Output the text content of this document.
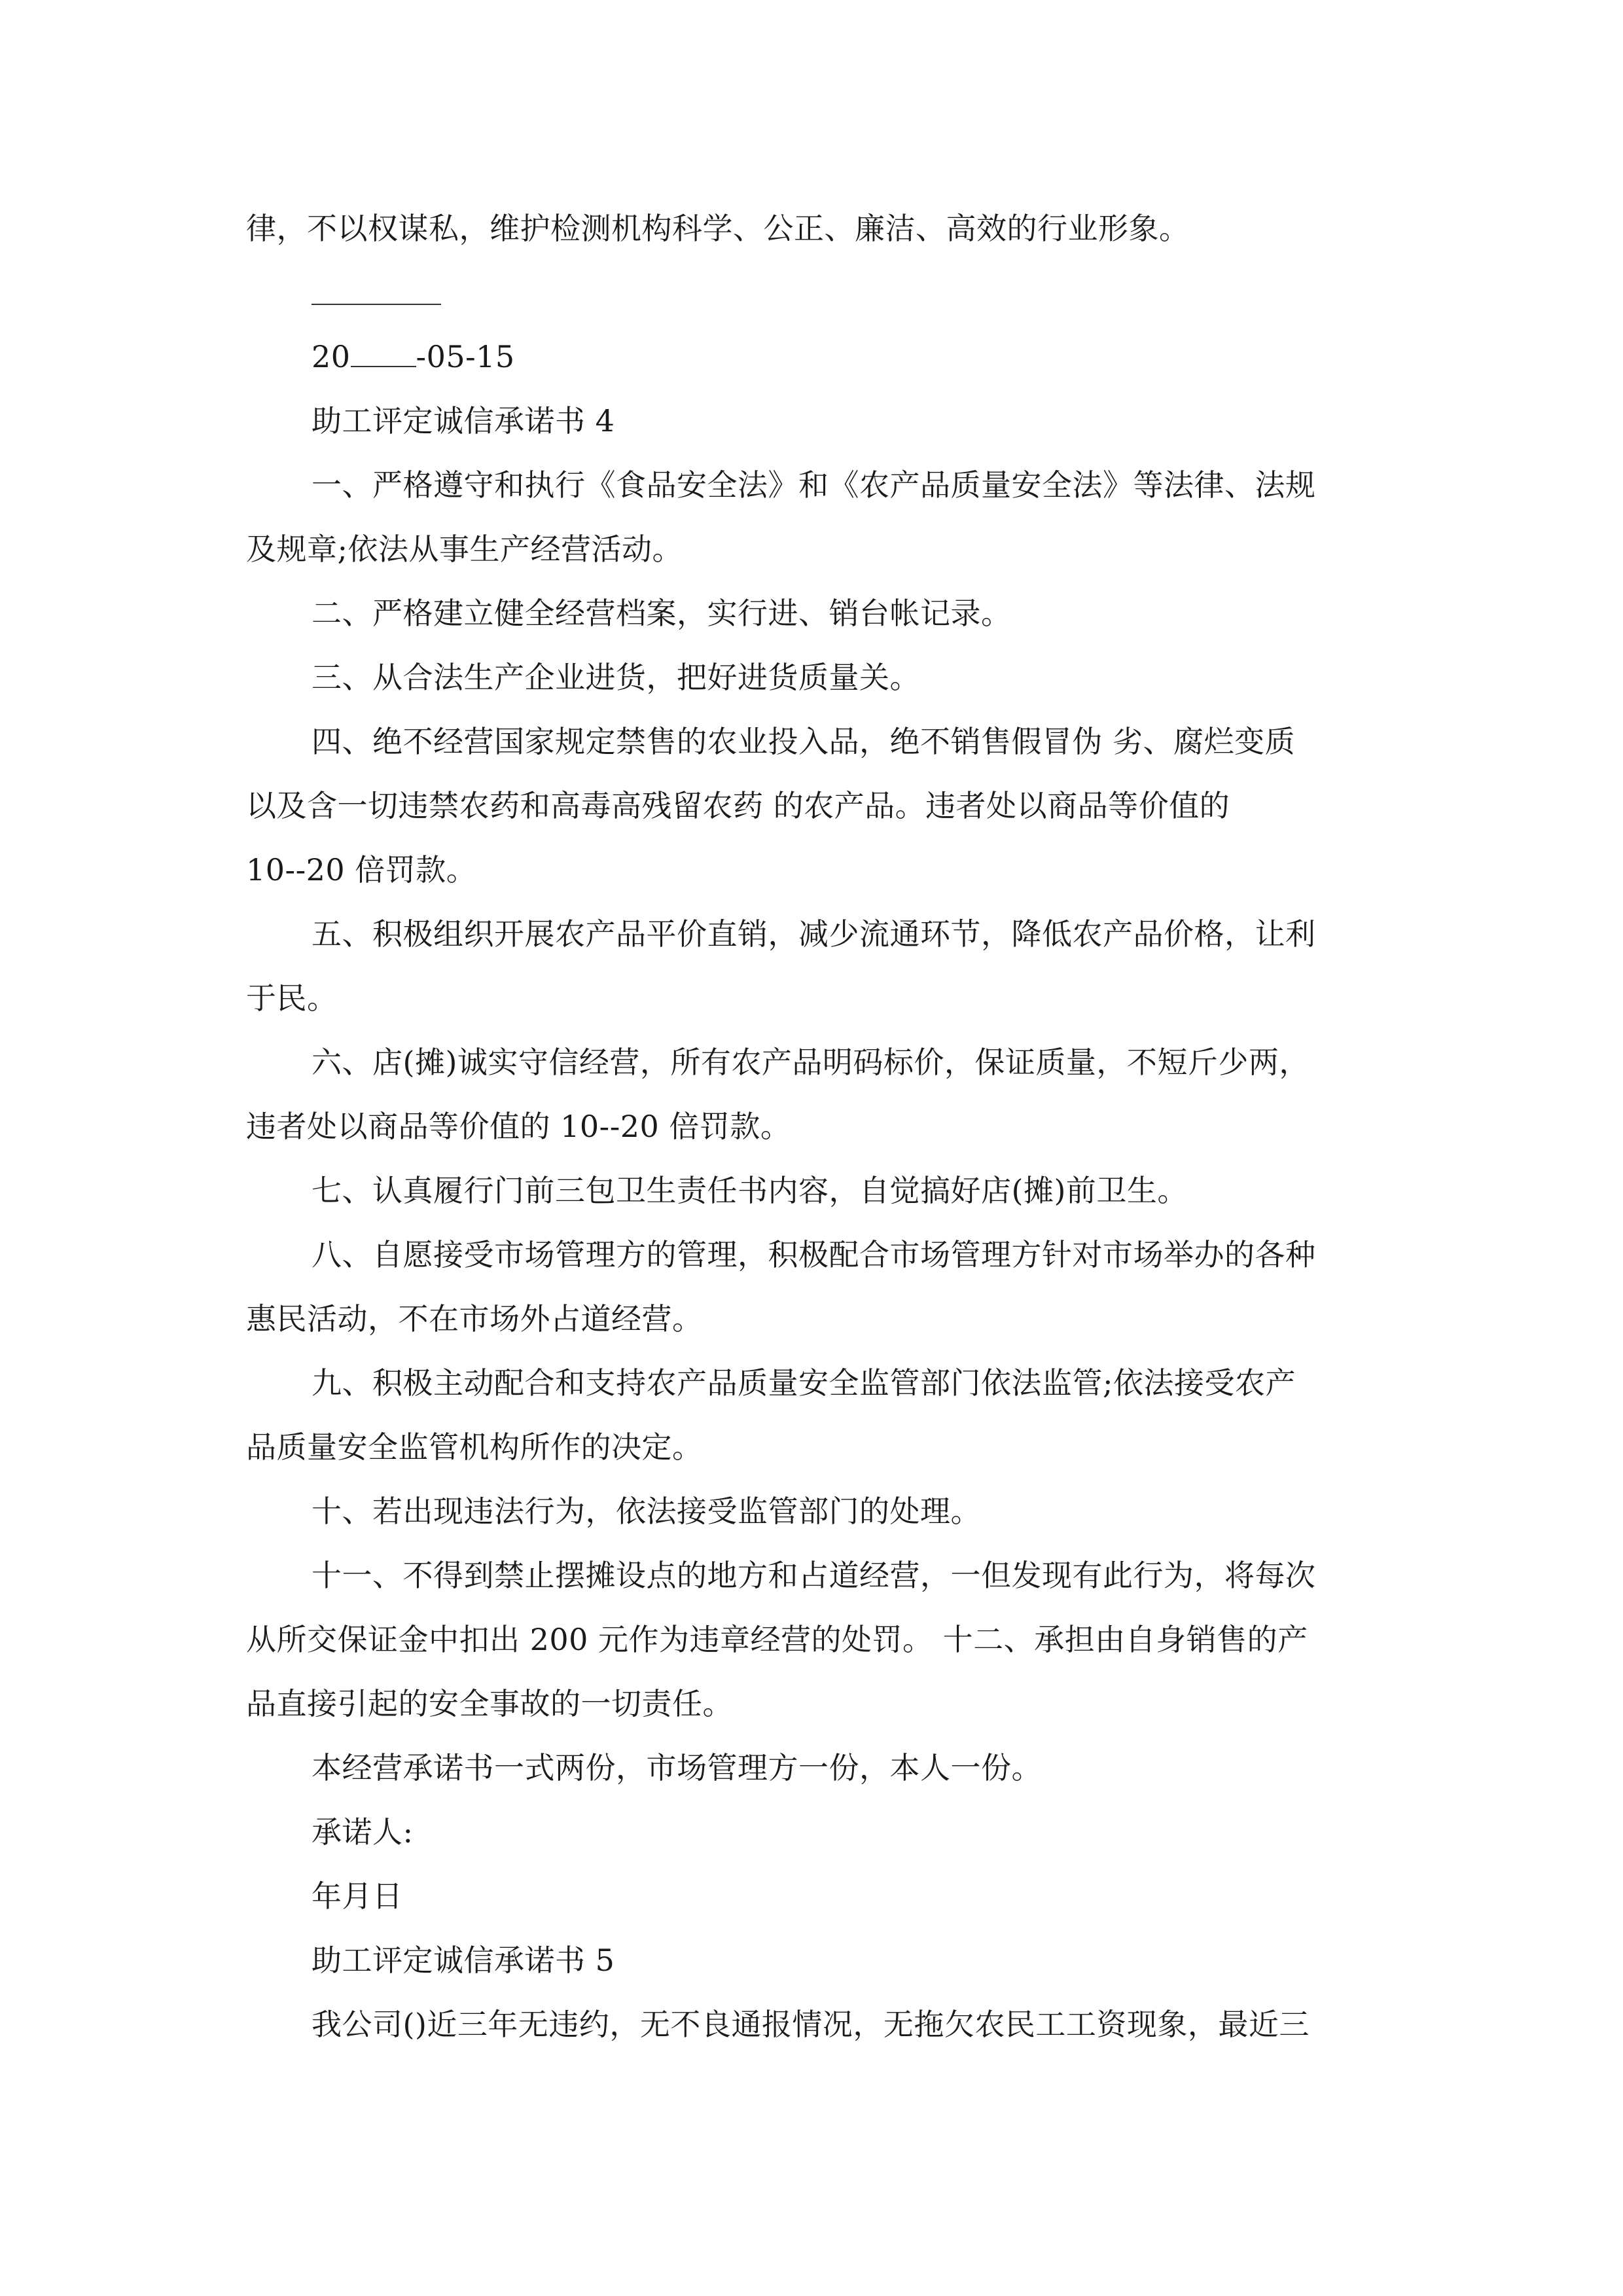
律，不以权谋私，维护检测机构科学、公正、廉洁、高效的行业形象。
20 -05-15
助工评定诚信承诺书 4
一、严格遵守和执行《食品安全法》和《农产品质量安全法》等法律、法规
及规章;依法从事生产经营活动。
二、严格建立健全经营档案，实行进、销台帐记录。
三、从合法生产企业进货，把好进货质量关。
四、绝不经营国家规定禁售的农业投入品，绝不销售假冒伪 劣、腐烂变质
以及含一切违禁农药和高毒高残留农药 的农产品。违者处以商品等价值的
10--20 倍罚款。
五、积极组织开展农产品平价直销，减少流通环节，降低农产品价格，让利
于民。
六、店(摊)诚实守信经营，所有农产品明码标价，保证质量，不短斤少两，
违者处以商品等价值的 10--20 倍罚款。
七、认真履行门前三包卫生责任书内容，自觉搞好店(摊)前卫生。
八、自愿接受市场管理方的管理，积极配合市场管理方针对市场举办的各种
惠民活动，不在市场外占道经营。
九、积极主动配合和支持农产品质量安全监管部门依法监管;依法接受农产
品质量安全监管机构所作的决定。
十、若出现违法行为，依法接受监管部门的处理。
十一、不得到禁止摆摊设点的地方和占道经营，一但发现有此行为，将每次
从所交保证金中扣出 200 元作为违章经营的处罚。 十二、承担由自身销售的产
品直接引起的安全事故的一切责任。
本经营承诺书一式两份，市场管理方一份，本人一份。
承诺人:
年月日
助工评定诚信承诺书 5
我公司()近三年无违约，无不良通报情况，无拖欠农民工工资现象，最近三
